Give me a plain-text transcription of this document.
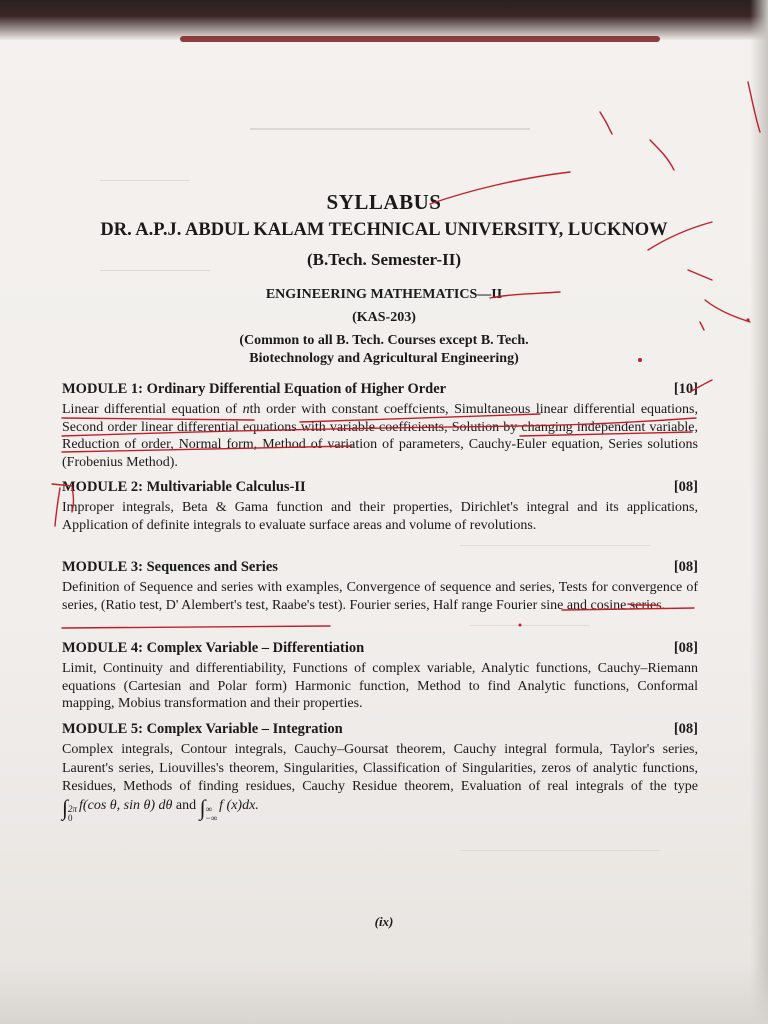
SYLLABUS
DR. A.P.J. ABDUL KALAM TECHNICAL UNIVERSITY, LUCKNOW
(B.Tech. Semester-II)
ENGINEERING MATHEMATICS—II
(KAS-203)
(Common to all B. Tech. Courses except B. Tech.
Biotechnology and Agricultural Engineering)
MODULE 1: Ordinary Differential Equation of Higher Order	[10]
Linear differential equation of nth order with constant coeffcients, Simultaneous linear differential equations, Second order linear differential equations with variable coefficients, Solution by changing independent variable, Reduction of order, Normal form, Method of variation of parameters, Cauchy-Euler equation, Series solutions (Frobenius Method).
MODULE 2: Multivariable Calculus-II	[08]
Improper integrals, Beta & Gama function and their properties, Dirichlet's integral and its applications, Application of definite integrals to evaluate surface areas and volume of revolutions.
MODULE 3: Sequences and Series	[08]
Definition of Sequence and series with examples, Convergence of sequence and series, Tests for convergence of series, (Ratio test, D' Alembert's test, Raabe's test). Fourier series, Half range Fourier sine and cosine series.
MODULE 4: Complex Variable – Differentiation	[08]
Limit, Continuity and differentiability, Functions of complex variable, Analytic functions, Cauchy–Riemann equations (Cartesian and Polar form) Harmonic function, Method to find Analytic functions, Conformal mapping, Mobius transformation and their properties.
MODULE 5: Complex Variable – Integration	[08]
Complex integrals, Contour integrals, Cauchy–Goursat theorem, Cauchy integral formula, Taylor's series, Laurent's series, Liouvilles's theorem, Singularities, Classification of Singularities, zeros of analytic functions, Residues, Methods of finding residues, Cauchy Residue theorem, Evaluation of real integrals of the type ∫ 2π
0
f(cos θ, sin θ) dθ and ∫ ∞
−∞
f (x)dx.
(ix)
